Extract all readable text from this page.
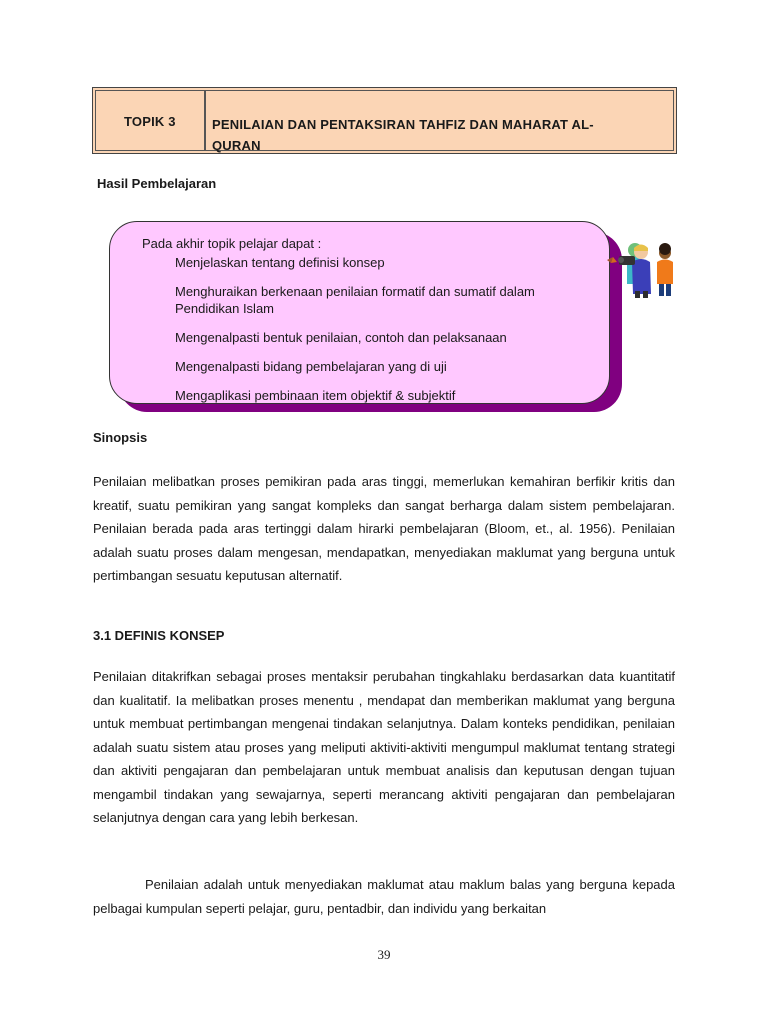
TOPIK 3	PENILAIAN DAN PENTAKSIRAN TAHFIZ DAN MAHARAT AL-QURAN
Hasil Pembelajaran
Pada akhir topik pelajar dapat :
Menjelaskan tentang definisi konsep
Menghuraikan berkenaan penilaian formatif dan sumatif dalam Pendidikan Islam
Mengenalpasti bentuk penilaian, contoh dan pelaksanaan
Mengenalpasti bidang pembelajaran yang di uji
Mengaplikasi pembinaan item objektif & subjektif
Sinopsis

Penilaian melibatkan proses pemikiran pada aras tinggi, memerlukan kemahiran berfikir kritis dan kreatif, suatu pemikiran yang sangat kompleks dan sangat berharga dalam sistem pembelajaran. Penilaian berada pada aras tertinggi dalam hirarki pembelajaran (Bloom, et., al. 1956). Penilaian adalah suatu proses dalam mengesan, mendapatkan, menyediakan maklumat yang berguna untuk pertimbangan sesuatu keputusan alternatif.

3.1 DEFINIS KONSEP

Penilaian ditakrifkan sebagai proses mentaksir perubahan tingkahlaku berdasarkan data kuantitatif dan kualitatif. Ia melibatkan proses menentu , mendapat dan memberikan maklumat yang berguna untuk membuat pertimbangan mengenai tindakan selanjutnya. Dalam konteks pendidikan, penilaian adalah suatu sistem atau proses yang meliputi aktiviti-aktiviti mengumpul maklumat tentang strategi dan aktiviti pengajaran dan pembelajaran untuk membuat analisis dan keputusan dengan tujuan mengambil tindakan yang sewajarnya, seperti merancang aktiviti pengajaran dan pembelajaran selanjutnya dengan cara yang lebih berkesan.

Penilaian adalah untuk menyediakan maklumat atau maklum balas yang berguna kepada pelbagai kumpulan seperti pelajar, guru, pentadbir, dan individu yang berkaitan

39
